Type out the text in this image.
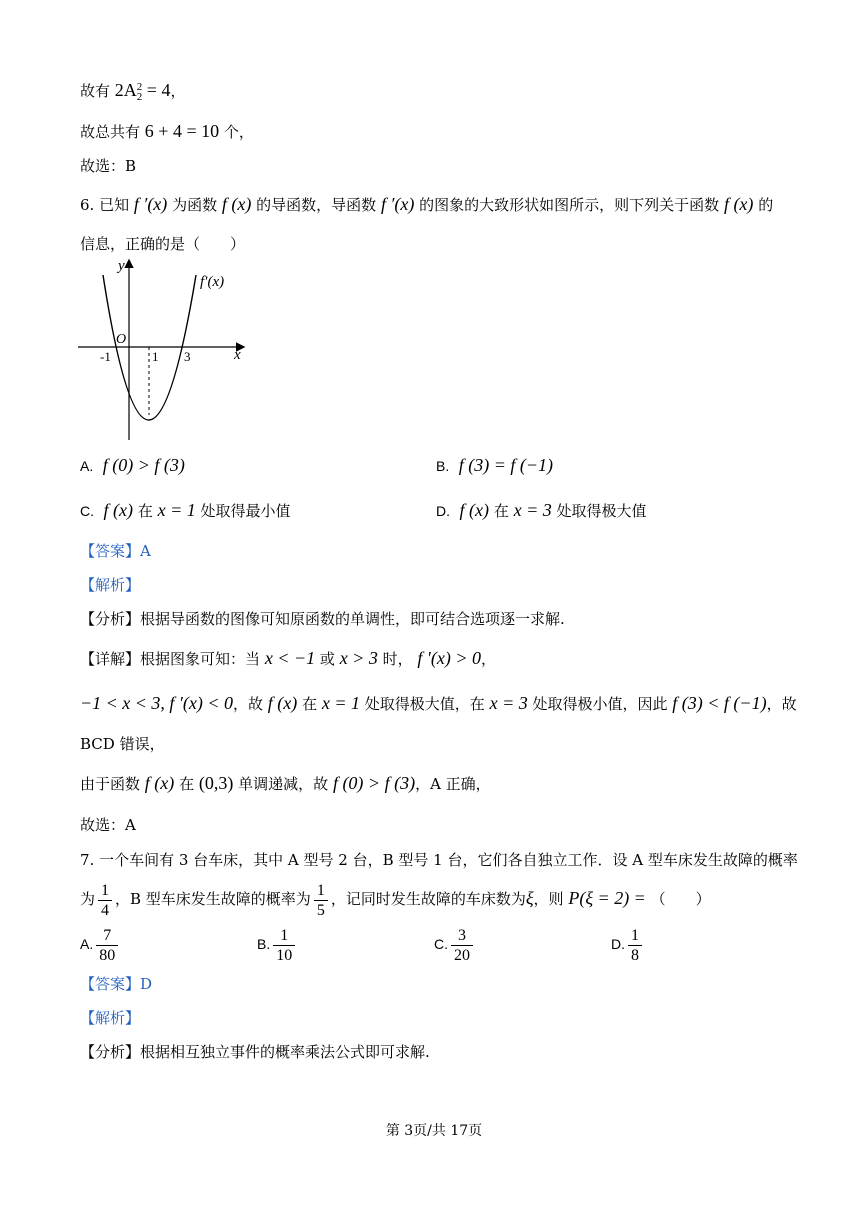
故有 2A 2
2 = 4，
故总共有 6 + 4 = 10 个，
故选：B
6. 已知 f ′(x) 为函数 f (x) 的导函数，导函数 f ′(x) 的图象的大致形状如图所示，则下列关于函数 f (x) 的
信息，正确的是（　　）
y
x
O
f′(x)
-1	1 3
A. f (0) > f (3)	B. f (3) = f (−1)
C. f (x) 在 x = 1 处取得最小值	D. f (x) 在 x = 3 处取得极大值
【答案】A
【解析】
【分析】根据导函数的图像可知原函数的单调性，即可结合选项逐一求解.
【详解】根据图象可知：当 x < −1 或 x > 3 时， f ′(x) > 0，
−1 < x < 3, f ′(x) < 0，故 f (x) 在 x = 1 处取得极大值，在 x = 3 处取得极小值，因此 f (3) < f (−1)，故
BCD 错误，
由于函数 f (x) 在 (0,3) 单调递减，故 f (0) > f (3)，A 正确，
故选：A
7. 一个车间有 3 台车床，其中 A 型号 2 台，B 型号 1 台，它们各自独立工作．设 A 型车床发生故障的概率
为 $\frac{1}{4}$ ，B 型车床发生故障的概率为 $\frac{1}{5}$ ，记同时发生故障的车床数为ξ，则 P(ξ = 2) = （　　）
A. $\frac{7}{80}$	B. $\frac{1}{10}$	C. $\frac{3}{20}$	D. $\frac{1}{8}$
【答案】D
【解析】
【分析】根据相互独立事件的概率乘法公式即可求解.
第 3页/共 17页
